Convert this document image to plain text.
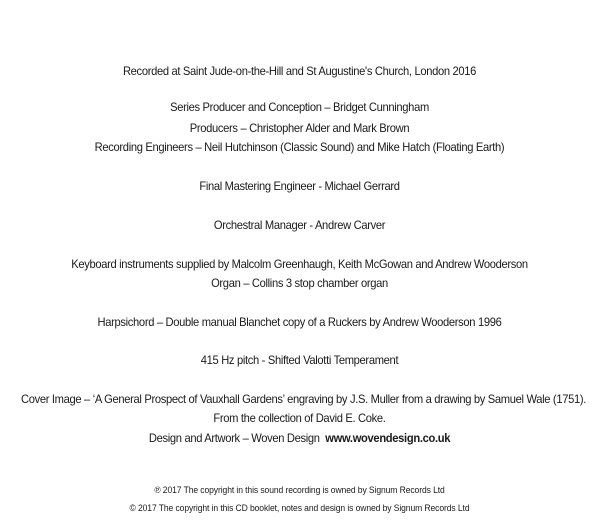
Recorded at Saint Jude-on-the-Hill and St Augustine's Church, London 2016
Series Producer and Conception – Bridget Cunningham
Producers – Christopher Alder and Mark Brown
Recording Engineers – Neil Hutchinson (Classic Sound) and Mike Hatch (Floating Earth)
Final Mastering Engineer - Michael Gerrard
Orchestral Manager - Andrew Carver
Keyboard instruments supplied by Malcolm Greenhaugh, Keith McGowan and Andrew Wooderson
Organ – Collins 3 stop chamber organ
Harpsichord – Double manual Blanchet copy of a Ruckers by Andrew Wooderson 1996
415 Hz pitch - Shifted Valotti Temperament
Cover Image – ‘A General Prospect of Vauxhall Gardens’ engraving by J.S. Muller from a drawing by Samuel Wale (1751).
From the collection of David E. Coke.
Design and Artwork – Woven Design www.wovendesign.co.uk
℗ 2017 The copyright in this sound recording is owned by Signum Records Ltd
© 2017 The copyright in this CD booklet, notes and design is owned by Signum Records Ltd
